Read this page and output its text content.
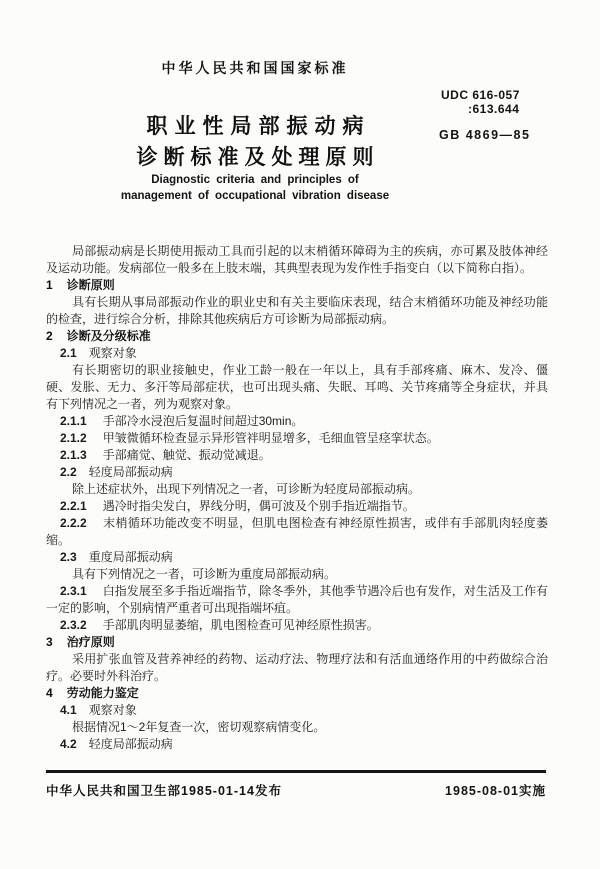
中华人民共和国国家标准
UDC 616-057
:613.644
职业性局部振动病	GB 4869—85
诊断标准及处理原则
Diagnostic criteria and principles of
management of occupational vibration disease

局部振动病是长期使用振动工具而引起的以末梢循环障碍为主的疾病，亦可累及肢体神经及运动功能。发病部位一般多在上肢末端，其典型表现为发作性手指变白（以下简称白指）。

1 诊断原则

具有长期从事局部振动作业的职业史和有关主要临床表现，结合末梢循环功能及神经功能的检查，进行综合分析，排除其他疾病后方可诊断为局部振动病。

2 诊断及分级标准

2.1 观察对象

有长期密切的职业接触史，作业工龄一般在一年以上，具有手部疼痛、麻木、发冷、僵硬、发胀、无力、多汗等局部症状，也可出现头痛、失眠、耳鸣、关节疼痛等全身症状，并具有下列情况之一者，列为观察对象。

2.1.1 手部冷水浸泡后复温时间超过30min。

2.1.2 甲皱微循环检查显示异形管袢明显增多，毛细血管呈痉挛状态。

2.1.3 手部痛觉、触觉、振动觉减退。

2.2 轻度局部振动病

除上述症状外，出现下列情况之一者，可诊断为轻度局部振动病。

2.2.1 遇冷时指尖发白，界线分明，偶可波及个别手指近端指节。

2.2.2 末梢循环功能改变不明显，但肌电图检查有神经原性损害，或伴有手部肌肉轻度萎缩。

2.3 重度局部振动病

具有下列情况之一者，可诊断为重度局部振动病。

2.3.1 白指发展至多手指近端指节，除冬季外，其他季节遇冷后也有发作，对生活及工作有一定的影响，个别病情严重者可出现指端坏疽。

2.3.2 手部肌肉明显萎缩，肌电图检查可见神经原性损害。

3 治疗原则

采用扩张血管及营养神经的药物、运动疗法、物理疗法和有活血通络作用的中药做综合治疗。必要时外科治疗。

4 劳动能力鉴定

4.1 观察对象

根据情况1～2年复查一次，密切观察病情变化。

4.2 轻度局部振动病

中华人民共和国卫生部1985-01-14发布	1985-08-01实施
